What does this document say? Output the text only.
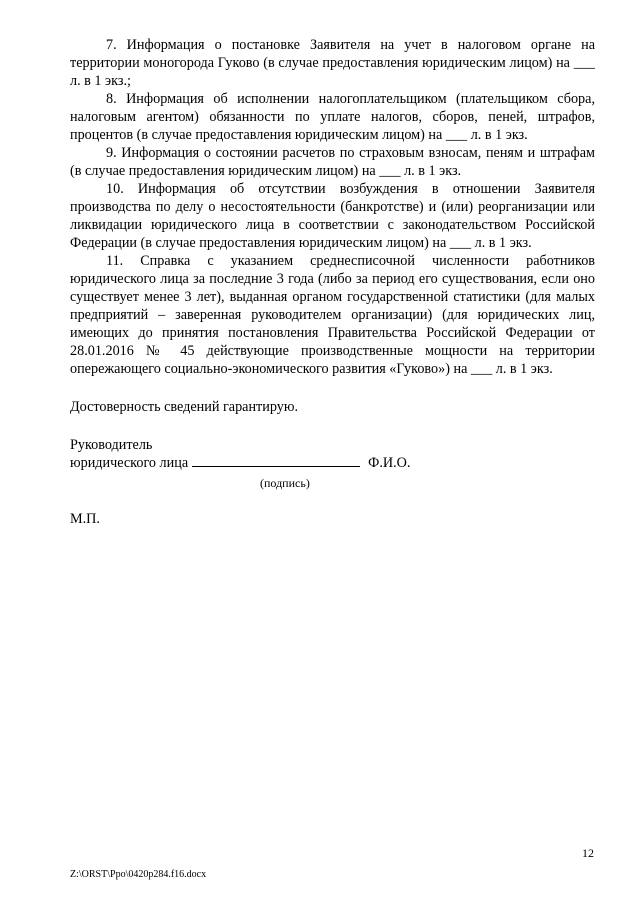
7. Информация о постановке Заявителя на учет в налоговом органе на территории моногорода Гуково (в случае предоставления юридическим лицом) на ___ л. в 1 экз.;

8. Информация об исполнении налогоплательщиком (плательщиком сбора, налоговым агентом) обязанности по уплате налогов, сборов, пеней, штрафов, процентов (в случае предоставления юридическим лицом) на ___ л. в 1 экз.

9. Информация о состоянии расчетов по страховым взносам, пеням и штрафам (в случае предоставления юридическим лицом) на ___ л. в 1 экз.

10. Информация об отсутствии возбуждения в отношении Заявителя производства по делу о несостоятельности (банкротстве) и (или) реорганизации или ликвидации юридического лица в соответствии с законодательством Российской Федерации (в случае предоставления юридическим лицом) на ___ л. в 1 экз.

11. Справка с указанием среднесписочной численности работников юридического лица за последние 3 года (либо за период его существования, если оно существует менее 3 лет), выданная органом государственной статистики (для малых предприятий – заверенная руководителем организации) (для юридических лиц, имеющих до принятия постановления Правительства Российской Федерации от 28.01.2016 № 45 действующие производственные мощности на территории опережающего социально-экономического развития «Гуково») на ___ л. в 1 экз.

Достоверность сведений гарантирую.

Руководитель

юридического лица	Ф.И.О.

(подпись)

М.П.

12
Z:\ORST\Ppo\0420p284.f16.docx
